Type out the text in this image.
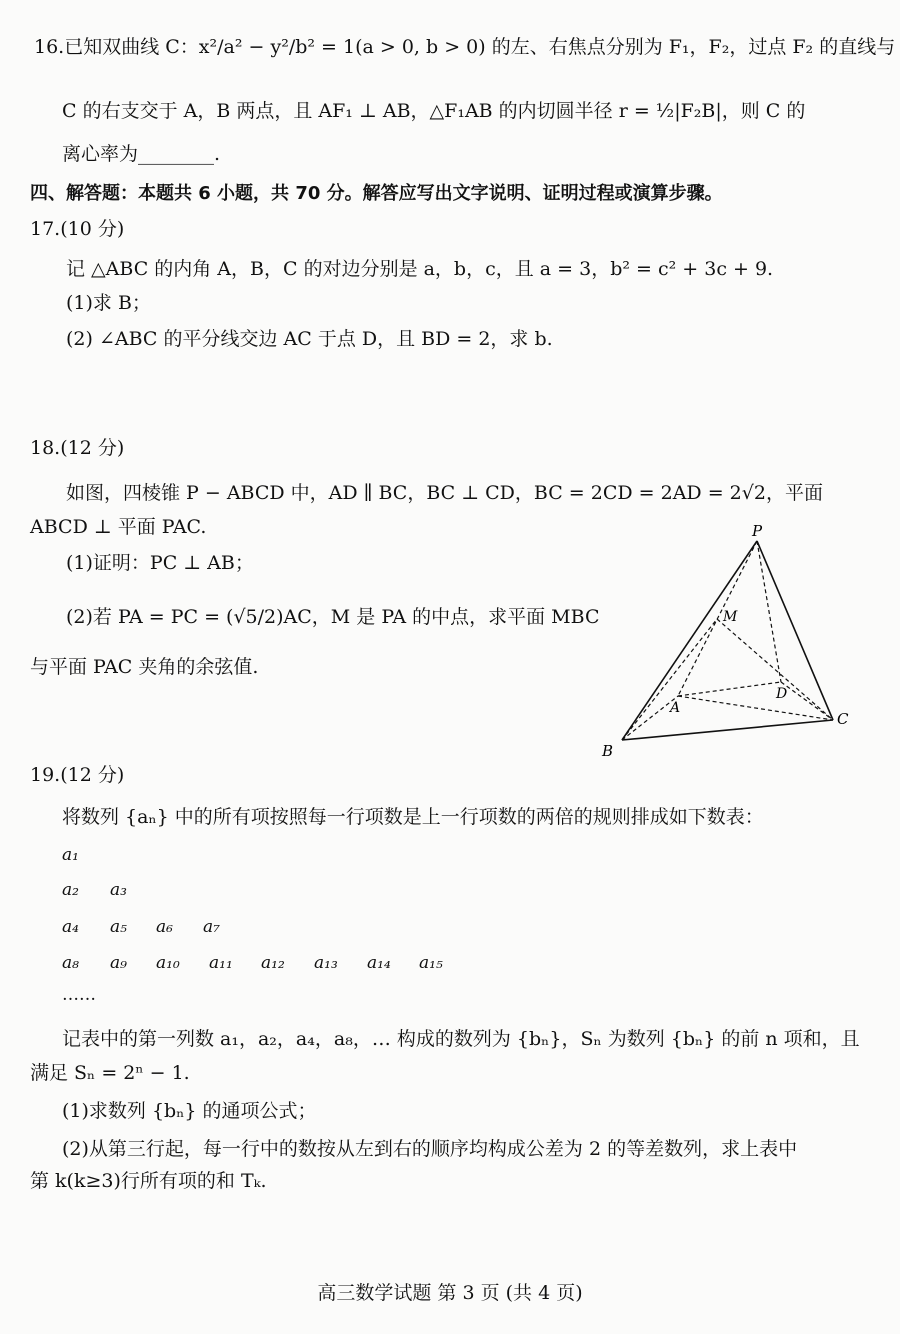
16.已知双曲线 C：x²/a² − y²/b² = 1(a > 0, b > 0) 的左、右焦点分别为 F₁，F₂，过点 F₂ 的直线与
C 的右支交于 A，B 两点，且 AF₁ ⊥ AB，△F₁AB 的内切圆半径 r = ½|F₂B|，则 C 的
离心率为________.
四、解答题：本题共 6 小题，共 70 分。解答应写出文字说明、证明过程或演算步骤。
17.(10 分)
记 △ABC 的内角 A，B，C 的对边分别是 a，b，c，且 a = 3，b² = c² + 3c + 9.
(1)求 B；
(2) ∠ABC 的平分线交边 AC 于点 D，且 BD = 2，求 b.
18.(12 分)
如图，四棱锥 P − ABCD 中，AD ∥ BC，BC ⊥ CD，BC = 2CD = 2AD = 2√2，平面
ABCD ⊥ 平面 PAC.
(1)证明：PC ⊥ AB；
(2)若 PA = PC = (√5/2)AC，M 是 PA 的中点，求平面 MBC
与平面 PAC 夹角的余弦值.
P
M
D
A
C
B
19.(12 分)
将数列 {aₙ} 中的所有项按照每一行项数是上一行项数的两倍的规则排成如下数表：
a₁
a₂ a₃
a₄ a₅ a₆ a₇
a₈ a₉ a₁₀ a₁₁ a₁₂ a₁₃ a₁₄ a₁₅
……
记表中的第一列数 a₁，a₂，a₄，a₈，… 构成的数列为 {bₙ}，Sₙ 为数列 {bₙ} 的前 n 项和，且
满足 Sₙ = 2ⁿ − 1.
(1)求数列 {bₙ} 的通项公式；
(2)从第三行起，每一行中的数按从左到右的顺序均构成公差为 2 的等差数列，求上表中
第 k(k≥3)行所有项的和 Tₖ.
高三数学试题 第 3 页 (共 4 页)
